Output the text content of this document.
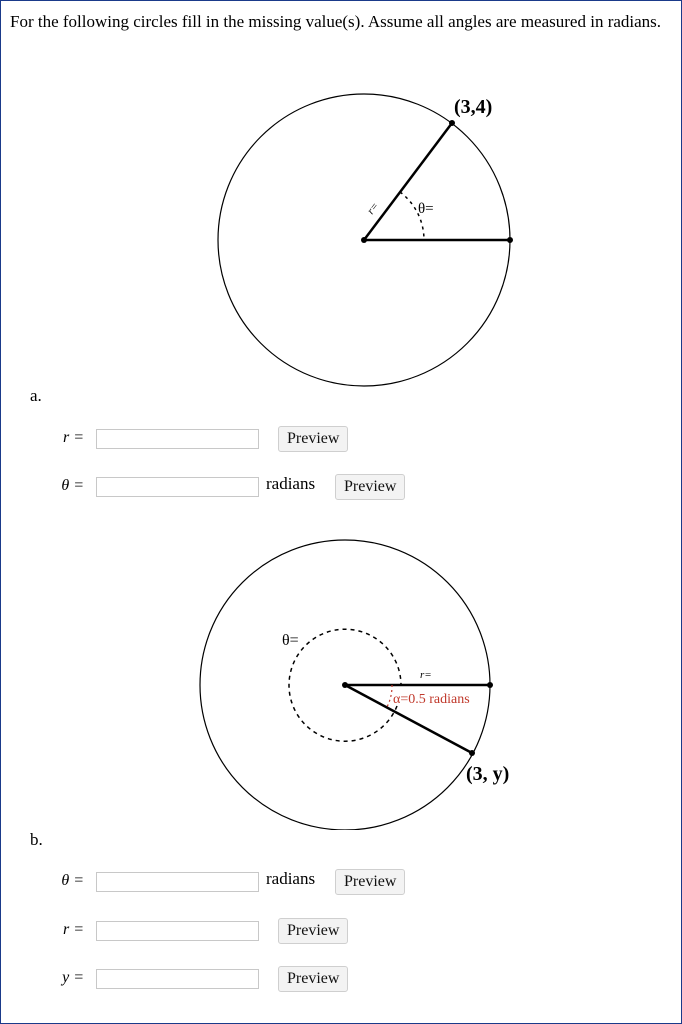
For the following circles fill in the missing value(s). Assume all angles are measured in radians.
(3,4)
r= θ=
a.
r =	Preview
θ =	radians	Preview
θ=
r=
α=0.5 radians
(3, y)
b.
θ =	radians	Preview
r =	Preview
y =	Preview
